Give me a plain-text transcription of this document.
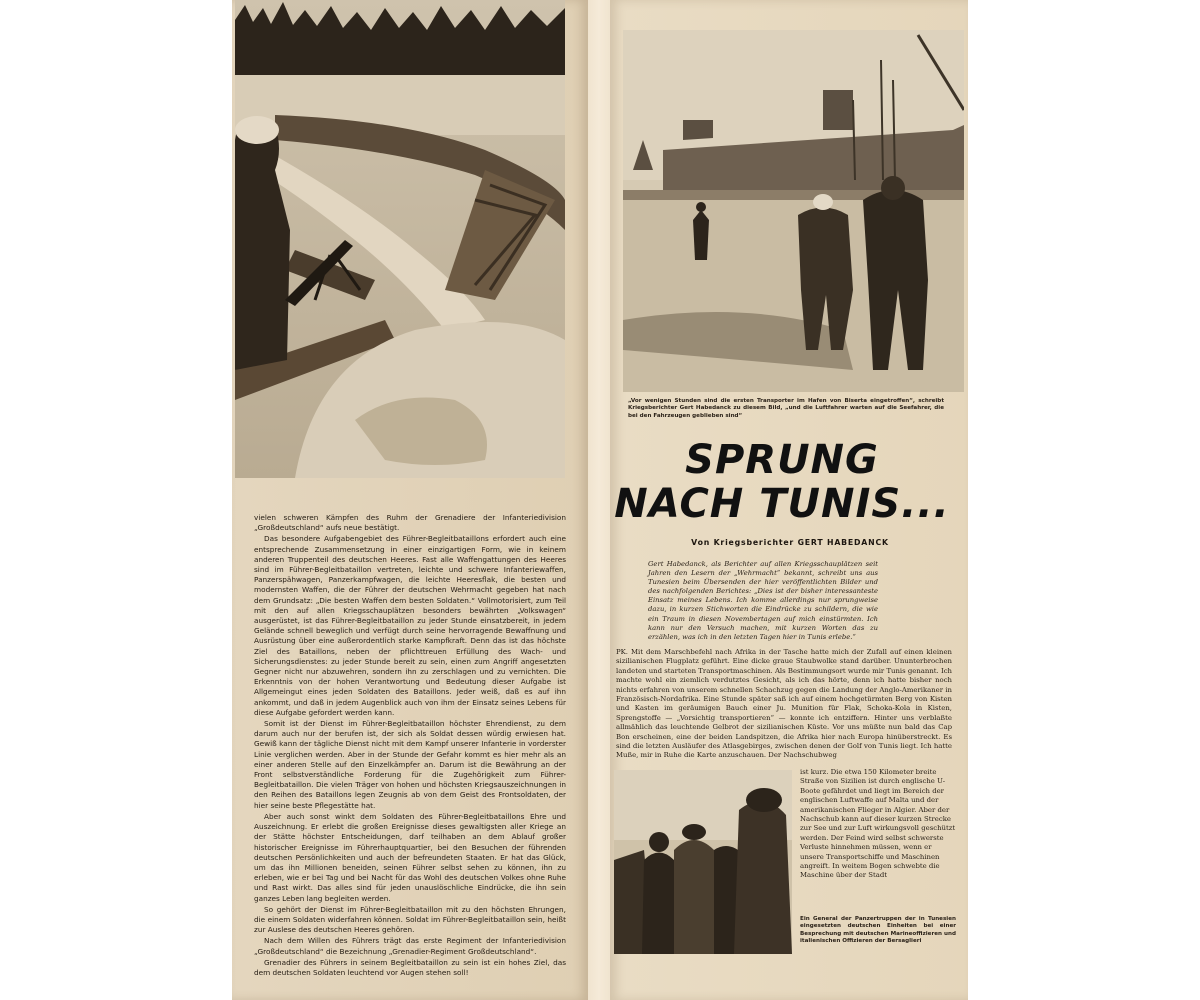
vielen schweren Kämpfen des Ruhm der Grenadiere der Infanteriedivision „Großdeutschland“ aufs neue bestätigt.

Das besondere Aufgabengebiet des Führer-Begleitbataillons erfordert auch eine entsprechende Zusammensetzung in einer einzigartigen Form, wie in keinem anderen Truppenteil des deutschen Heeres. Fast alle Waffengattungen des Heeres sind im Führer-Begleitbataillon vertreten, leichte und schwere Infanteriewaffen, Panzerspähwagen, Panzerkampfwagen, die leichte Heeresflak, die besten und modernsten Waffen, die der Führer der deutschen Wehrmacht gegeben hat nach dem Grundsatz: „Die besten Waffen dem besten Soldaten.“ Vollmotorisiert, zum Teil mit den auf allen Kriegsschauplätzen besonders bewährten „Volkswagen“ ausgerüstet, ist das Führer-Begleitbataillon zu jeder Stunde einsatzbereit, in jedem Gelände schnell beweglich und verfügt durch seine hervorragende Bewaffnung und Ausrüstung über eine außerordentlich starke Kampfkraft. Denn das ist das höchste Ziel des Bataillons, neben der pflichttreuen Erfüllung des Wach- und Sicherungsdienstes: zu jeder Stunde bereit zu sein, einen zum Angriff angesetzten Gegner nicht nur abzuwehren, sondern ihn zu zerschlagen und zu vernichten. Die Erkenntnis von der hohen Verantwortung und Bedeutung dieser Aufgabe ist Allgemeingut eines jeden Soldaten des Bataillons. Jeder weiß, daß es auf ihn ankommt, und daß in jedem Augenblick auch von ihm der Einsatz seines Lebens für diese Aufgabe gefordert werden kann.

Somit ist der Dienst im Führer-Begleitbataillon höchster Ehrendienst, zu dem darum auch nur der berufen ist, der sich als Soldat dessen würdig erwiesen hat. Gewiß kann der tägliche Dienst nicht mit dem Kampf unserer Infanterie in vorderster Linie verglichen werden. Aber in der Stunde der Gefahr kommt es hier mehr als an einer anderen Stelle auf den Einzelkämpfer an. Darum ist die Bewährung an der Front selbstverständliche Forderung für die Zugehörigkeit zum Führer-Begleitbataillon. Die vielen Träger von hohen und höchsten Kriegsauszeichnungen in den Reihen des Bataillons legen Zeugnis ab von dem Geist des Frontsoldaten, der hier seine beste Pflegestätte hat.

Aber auch sonst winkt dem Soldaten des Führer-Begleitbataillons Ehre und Auszeichnung. Er erlebt die großen Ereignisse dieses gewaltigsten aller Kriege an der Stätte höchster Entscheidungen, darf teilhaben an dem Ablauf großer historischer Ereignisse im Führerhauptquartier, bei den Besuchen der führenden deutschen Persönlichkeiten und auch der befreundeten Staaten. Er hat das Glück, um das ihn Millionen beneiden, seinen Führer selbst sehen zu können, ihn zu erleben, wie er bei Tag und bei Nacht für das Wohl des deutschen Volkes ohne Ruhe und Rast wirkt. Das alles sind für jeden unauslöschliche Eindrücke, die ihn sein ganzes Leben lang begleiten werden.

So gehört der Dienst im Führer-Begleitbataillon mit zu den höchsten Ehrungen, die einem Soldaten widerfahren können. Soldat im Führer-Begleitbataillon sein, heißt zur Auslese des deutschen Heeres gehören.

Nach dem Willen des Führers trägt das erste Regiment der Infanteriedivision „Großdeutschland“ die Bezeichnung „Grenadier-Regiment Großdeutschland“.

Grenadier des Führers in seinem Begleitbataillon zu sein ist ein hohes Ziel, das dem deutschen Soldaten leuchtend vor Augen stehen soll!

„Vor wenigen Stunden sind die ersten Transporter im Hafen von Biserta eingetroffen“, schreibt Kriegsberichter Gert Habedanck zu diesem Bild, „und die Luftfahrer warten auf die Seefahrer, die bei den Fahrzeugen geblieben sind“
SPRUNG
NACH TUNIS...
Von Kriegsberichter GERT HABEDANCK
Gert Habedanck, als Berichter auf allen Kriegsschauplätzen seit Jahren den Lesern der „Wehrmacht“ bekannt, schreibt uns aus Tunesien beim Übersenden der hier veröffentlichten Bilder und des nachfolgenden Berichtes: „Dies ist der bisher interessanteste Einsatz meines Lebens. Ich komme allerdings nur sprungweise dazu, in kurzen Stichworten die Eindrücke zu schildern, die wie ein Traum in diesen Novembertagen auf mich einstürmten. Ich kann nur den Versuch machen, mit kurzen Worten das zu erzählen, was ich in den letzten Tagen hier in Tunis erlebe.“
PK. Mit dem Marschbefehl nach Afrika in der Tasche hatte mich der Zufall auf einen kleinen sizilianischen Flugplatz geführt. Eine dicke graue Staubwolke stand darüber. Ununterbrochen landeten und starteten Transportmaschinen. Als Bestimmungsort wurde mir Tunis genannt. Ich machte wohl ein ziemlich verdutztes Gesicht, als ich das hörte, denn ich hatte bisher noch nichts erfahren von unserem schnellen Schachzug gegen die Landung der Anglo-Amerikaner in Französisch-Nordafrika. Eine Stunde später saß ich auf einem hochgetürmten Berg von Kisten und Kasten im geräumigen Bauch einer Ju. Munition für Flak, Schoka-Kola in Kisten, Sprengstoffe — „Vorsichtig transportieren“ — konnte ich entziffern. Hinter uns verblaßte allmählich das leuchtende Gelbrot der sizilianischen Küste. Vor uns müßte nun bald das Cap Bon erscheinen, eine der beiden Landspitzen, die Afrika hier nach Europa hinüberstreckt. Es sind die letzten Ausläufer des Atlasgebirges, zwischen denen der Golf von Tunis liegt. Ich hatte Muße, mir in Ruhe die Karte anzuschauen. Der Nachschubweg
ist kurz. Die etwa 150 Kilometer breite Straße von Sizilien ist durch englische U-Boote gefährdet und liegt im Bereich der englischen Luftwaffe auf Malta und der amerikanischen Flieger in Algier. Aber der Nachschub kann auf dieser kurzen Strecke zur See und zur Luft wirkungsvoll geschützt werden. Der Feind wird selbst schwerste Verluste hinnehmen müssen, wenn er unsere Transportschiffe und Maschinen angreift. In weitem Bogen schwebte die Maschine über der Stadt
Ein General der Panzertruppen der in Tunesien eingesetzten deutschen Einheiten bei einer Besprechung mit deutschen Marineoffizieren und italienischen Offizieren der Bersaglieri
